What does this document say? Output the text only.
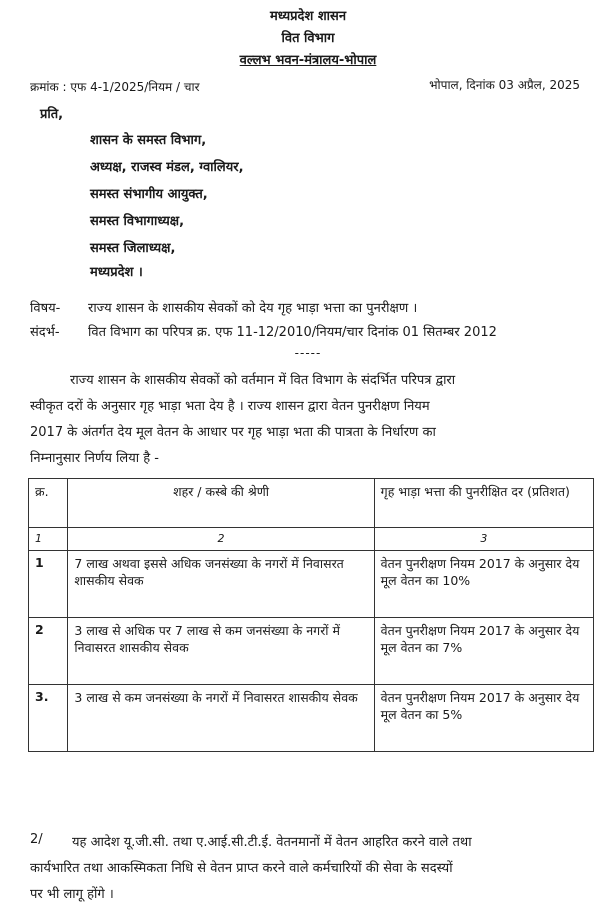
मध्यप्रदेश शासन
वित विभाग
वल्लभ भवन-मंत्रालय-भोपाल
क्रमांक : एफ 4-1/2025/नियम / चार	भोपाल, दिनांक 03 अप्रैल, 2025
प्रति,
शासन के समस्त विभाग,
अध्यक्ष, राजस्व मंडल, ग्वालियर,
समस्त संभागीय आयुक्त,
समस्त विभागाध्यक्ष,
समस्त जिलाध्यक्ष,
मध्यप्रदेश ।
विषय- राज्य शासन के शासकीय सेवकों को देय गृह भाड़ा भत्ता का पुनरीक्षण ।
संदर्भ- वित विभाग का परिपत्र क्र. एफ 11-12/2010/नियम/चार दिनांक 01 सितम्बर 2012
-----
राज्य शासन के शासकीय सेवकों को वर्तमान में वित विभाग के संदर्भित परिपत्र द्वारा
स्वीकृत दरों के अनुसार गृह भाड़ा भता देय है । राज्य शासन द्वारा वेतन पुनरीक्षण नियम
2017 के अंतर्गत देय मूल वेतन के आधार पर गृह भाड़ा भता की पात्रता के निर्धारण का
निम्नानुसार निर्णय लिया है -
क्र.	शहर / कस्बे की श्रेणी	गृह भाड़ा भत्ता की पुनरीक्षित दर (प्रतिशत)
1	2	3
1	7 लाख अथवा इससे अधिक जनसंख्या के नगरों में निवासरत शासकीय सेवक	वेतन पुनरीक्षण नियम 2017 के अनुसार देय मूल वेतन का 10%
2	3 लाख से अधिक पर 7 लाख से कम जनसंख्या के नगरों में निवासरत शासकीय सेवक	वेतन पुनरीक्षण नियम 2017 के अनुसार देय मूल वेतन का 7%
3.	3 लाख से कम जनसंख्या के नगरों में निवासरत शासकीय सेवक	वेतन पुनरीक्षण नियम 2017 के अनुसार देय मूल वेतन का 5%
2/ यह आदेश यू.जी.सी. तथा ए.आई.सी.टी.ई. वेतनमानों में वेतन आहरित करने वाले तथा
कार्यभारित तथा आकस्मिकता निधि से वेतन प्राप्त करने वाले कर्मचारियों की सेवा के सदस्यों
पर भी लागू होंगे ।
